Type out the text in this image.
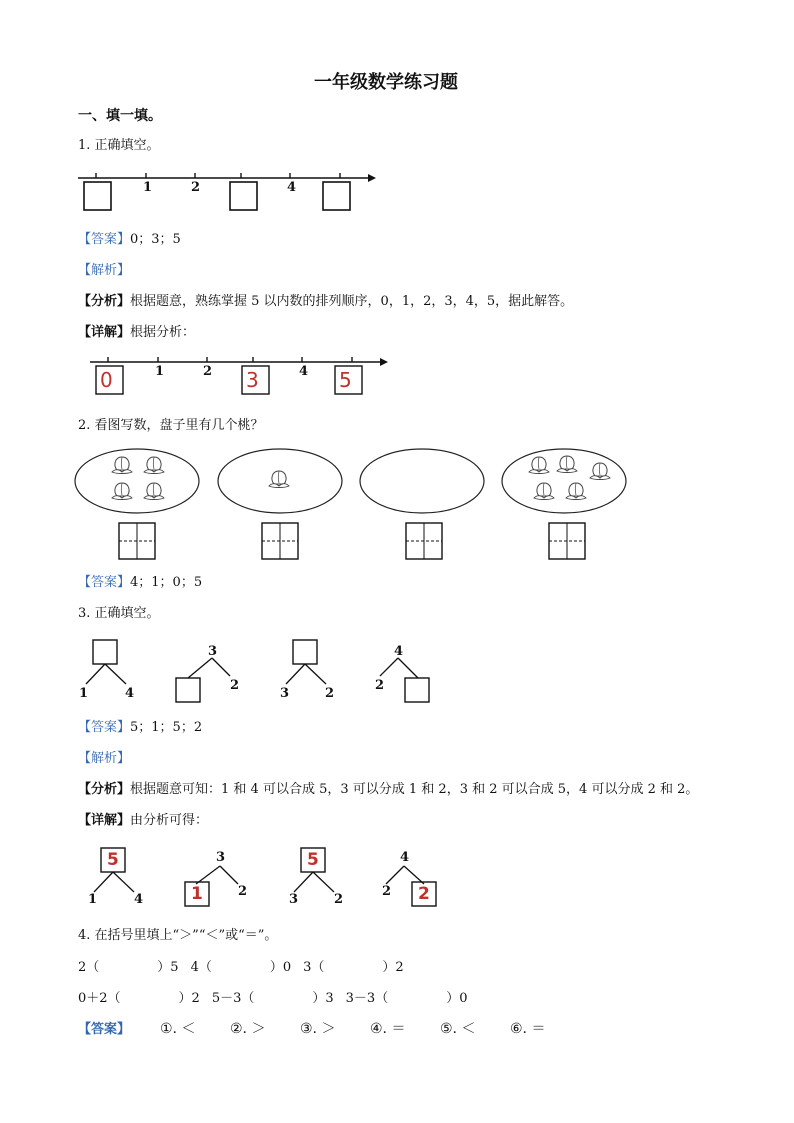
一年级数学练习题
一、填一填。
1. 正确填空。
1	2	4
【答案】0；3；5
【解析】
【分析】根据题意，熟练掌握 5 以内数的排列顺序，0，1，2，3，4，5，据此解答。
【详解】根据分析：
1	2	4
0	3	5
2. 看图写数，盘子里有几个桃？
【答案】4；1；0；5
3. 正确填空。
1	4
3
2
3	2
4
2
【答案】5；1；5；2
【解析】
【分析】根据题意可知：1 和 4 可以合成 5，3 可以分成 1 和 2，3 和 2 可以合成 5，4 可以分成 2 和 2。
【详解】由分析可得：
5
1
5
2
1	4
3
2
3	2
4
2
4. 在括号里填上“＞”“＜”或“＝”。
2（	）5 4（	）0 3（	）2
0＋2（	）2 5－3（	）3 3－3（	）0
【答案】 ①. ＜ ②. ＞ ③. ＞ ④. ＝ ⑤. ＜ ⑥. ＝
